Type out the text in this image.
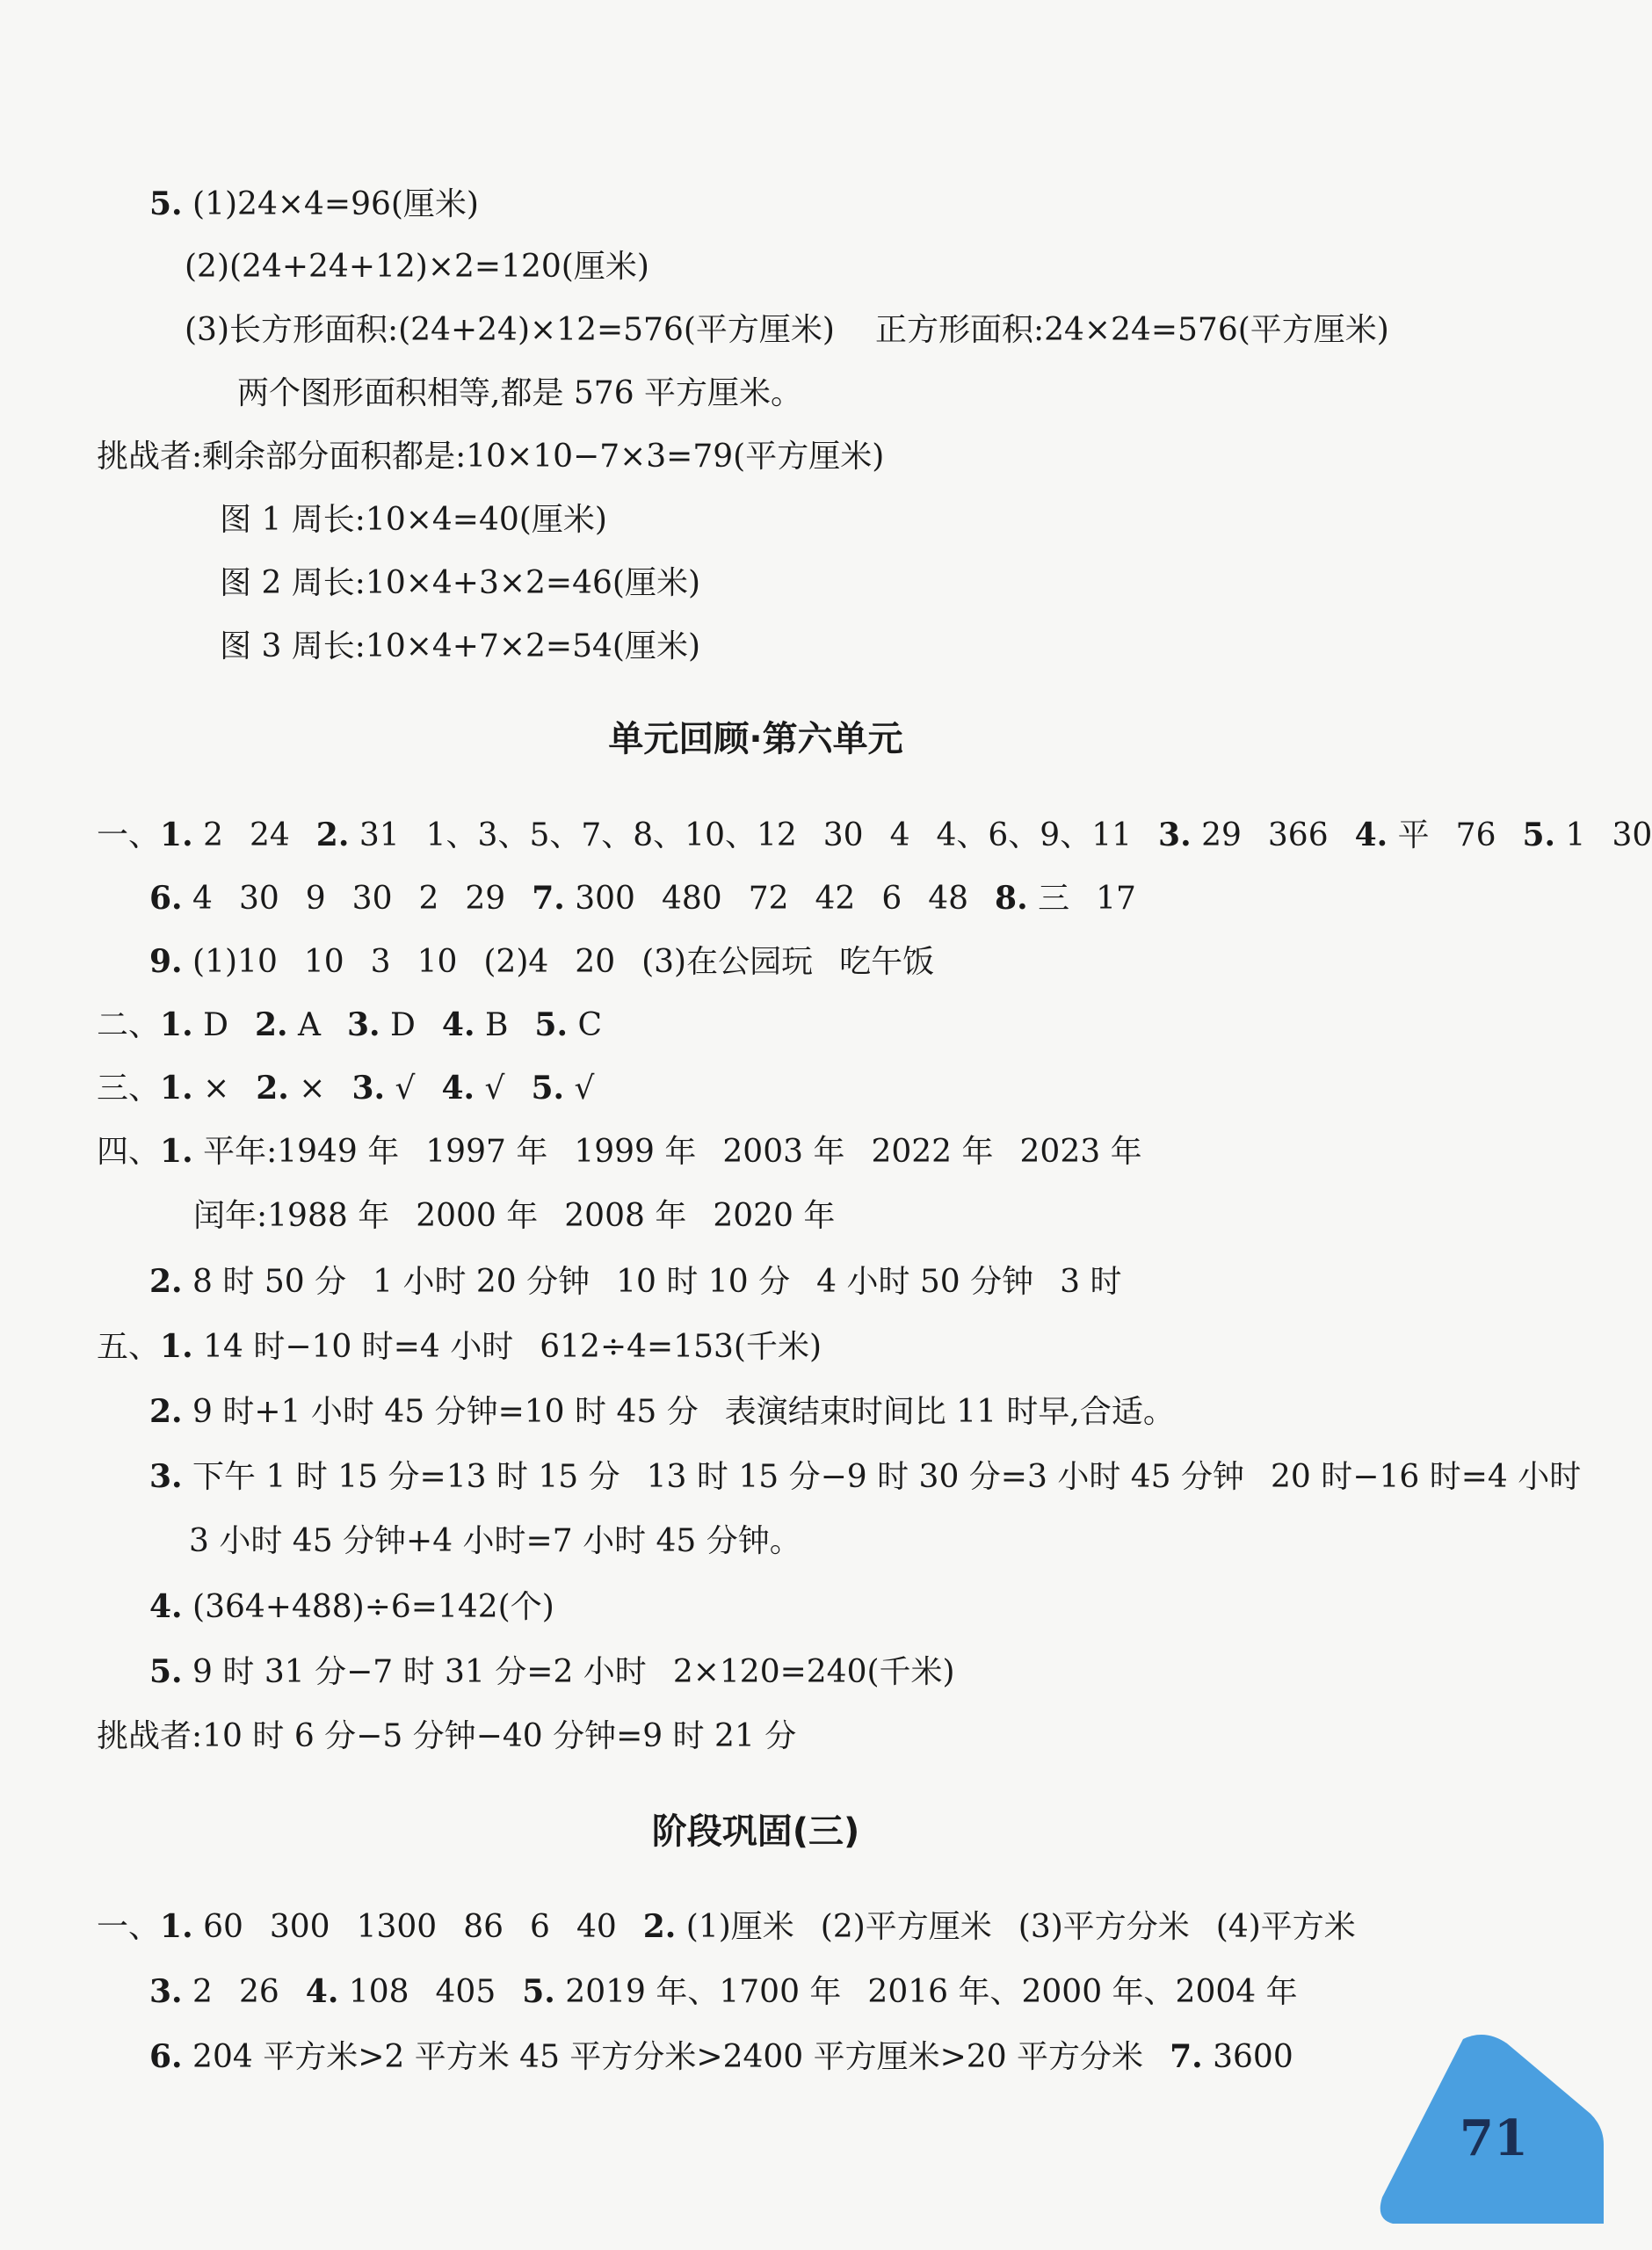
5. (1)24×4=96(厘米)
(2)(24+24+12)×2=120(厘米)
(3)长方形面积:(24+24)×12=576(平方厘米) 正方形面积:24×24=576(平方厘米)
两个图形面积相等,都是 576 平方厘米。
挑战者:剩余部分面积都是:10×10−7×3=79(平方厘米)
图 1 周长:10×4=40(厘米)
图 2 周长:10×4+3×2=46(厘米)
图 3 周长:10×4+7×2=54(厘米)
单元回顾·第六单元
一、1. 2 24 2. 31 1、3、5、7、8、10、12 30 4 4、6、9、11 3. 29 366 4. 平 76 5. 1 30
6. 4 30 9 30 2 29 7. 300 480 72 42 6 48 8. 三 17
9. (1)10 10 3 10 (2)4 20 (3)在公园玩 吃午饭
二、1. D 2. A 3. D 4. B 5. C
三、1. × 2. × 3. √ 4. √ 5. √
四、1. 平年:1949 年 1997 年 1999 年 2003 年 2022 年 2023 年
闰年:1988 年 2000 年 2008 年 2020 年
2. 8 时 50 分 1 小时 20 分钟 10 时 10 分 4 小时 50 分钟 3 时
五、1. 14 时−10 时=4 小时 612÷4=153(千米)
2. 9 时+1 小时 45 分钟=10 时 45 分 表演结束时间比 11 时早,合适。
3. 下午 1 时 15 分=13 时 15 分 13 时 15 分−9 时 30 分=3 小时 45 分钟 20 时−16 时=4 小时
3 小时 45 分钟+4 小时=7 小时 45 分钟。
4. (364+488)÷6=142(个)
5. 9 时 31 分−7 时 31 分=2 小时 2×120=240(千米)
挑战者:10 时 6 分−5 分钟−40 分钟=9 时 21 分
阶段巩固(三)
一、1. 60 300 1300 86 6 40 2. (1)厘米 (2)平方厘米 (3)平方分米 (4)平方米
3. 2 26 4. 108 405 5. 2019 年、1700 年 2016 年、2000 年、2004 年
6. 204 平方米>2 平方米 45 平方分米>2400 平方厘米>20 平方分米 7. 3600
71
